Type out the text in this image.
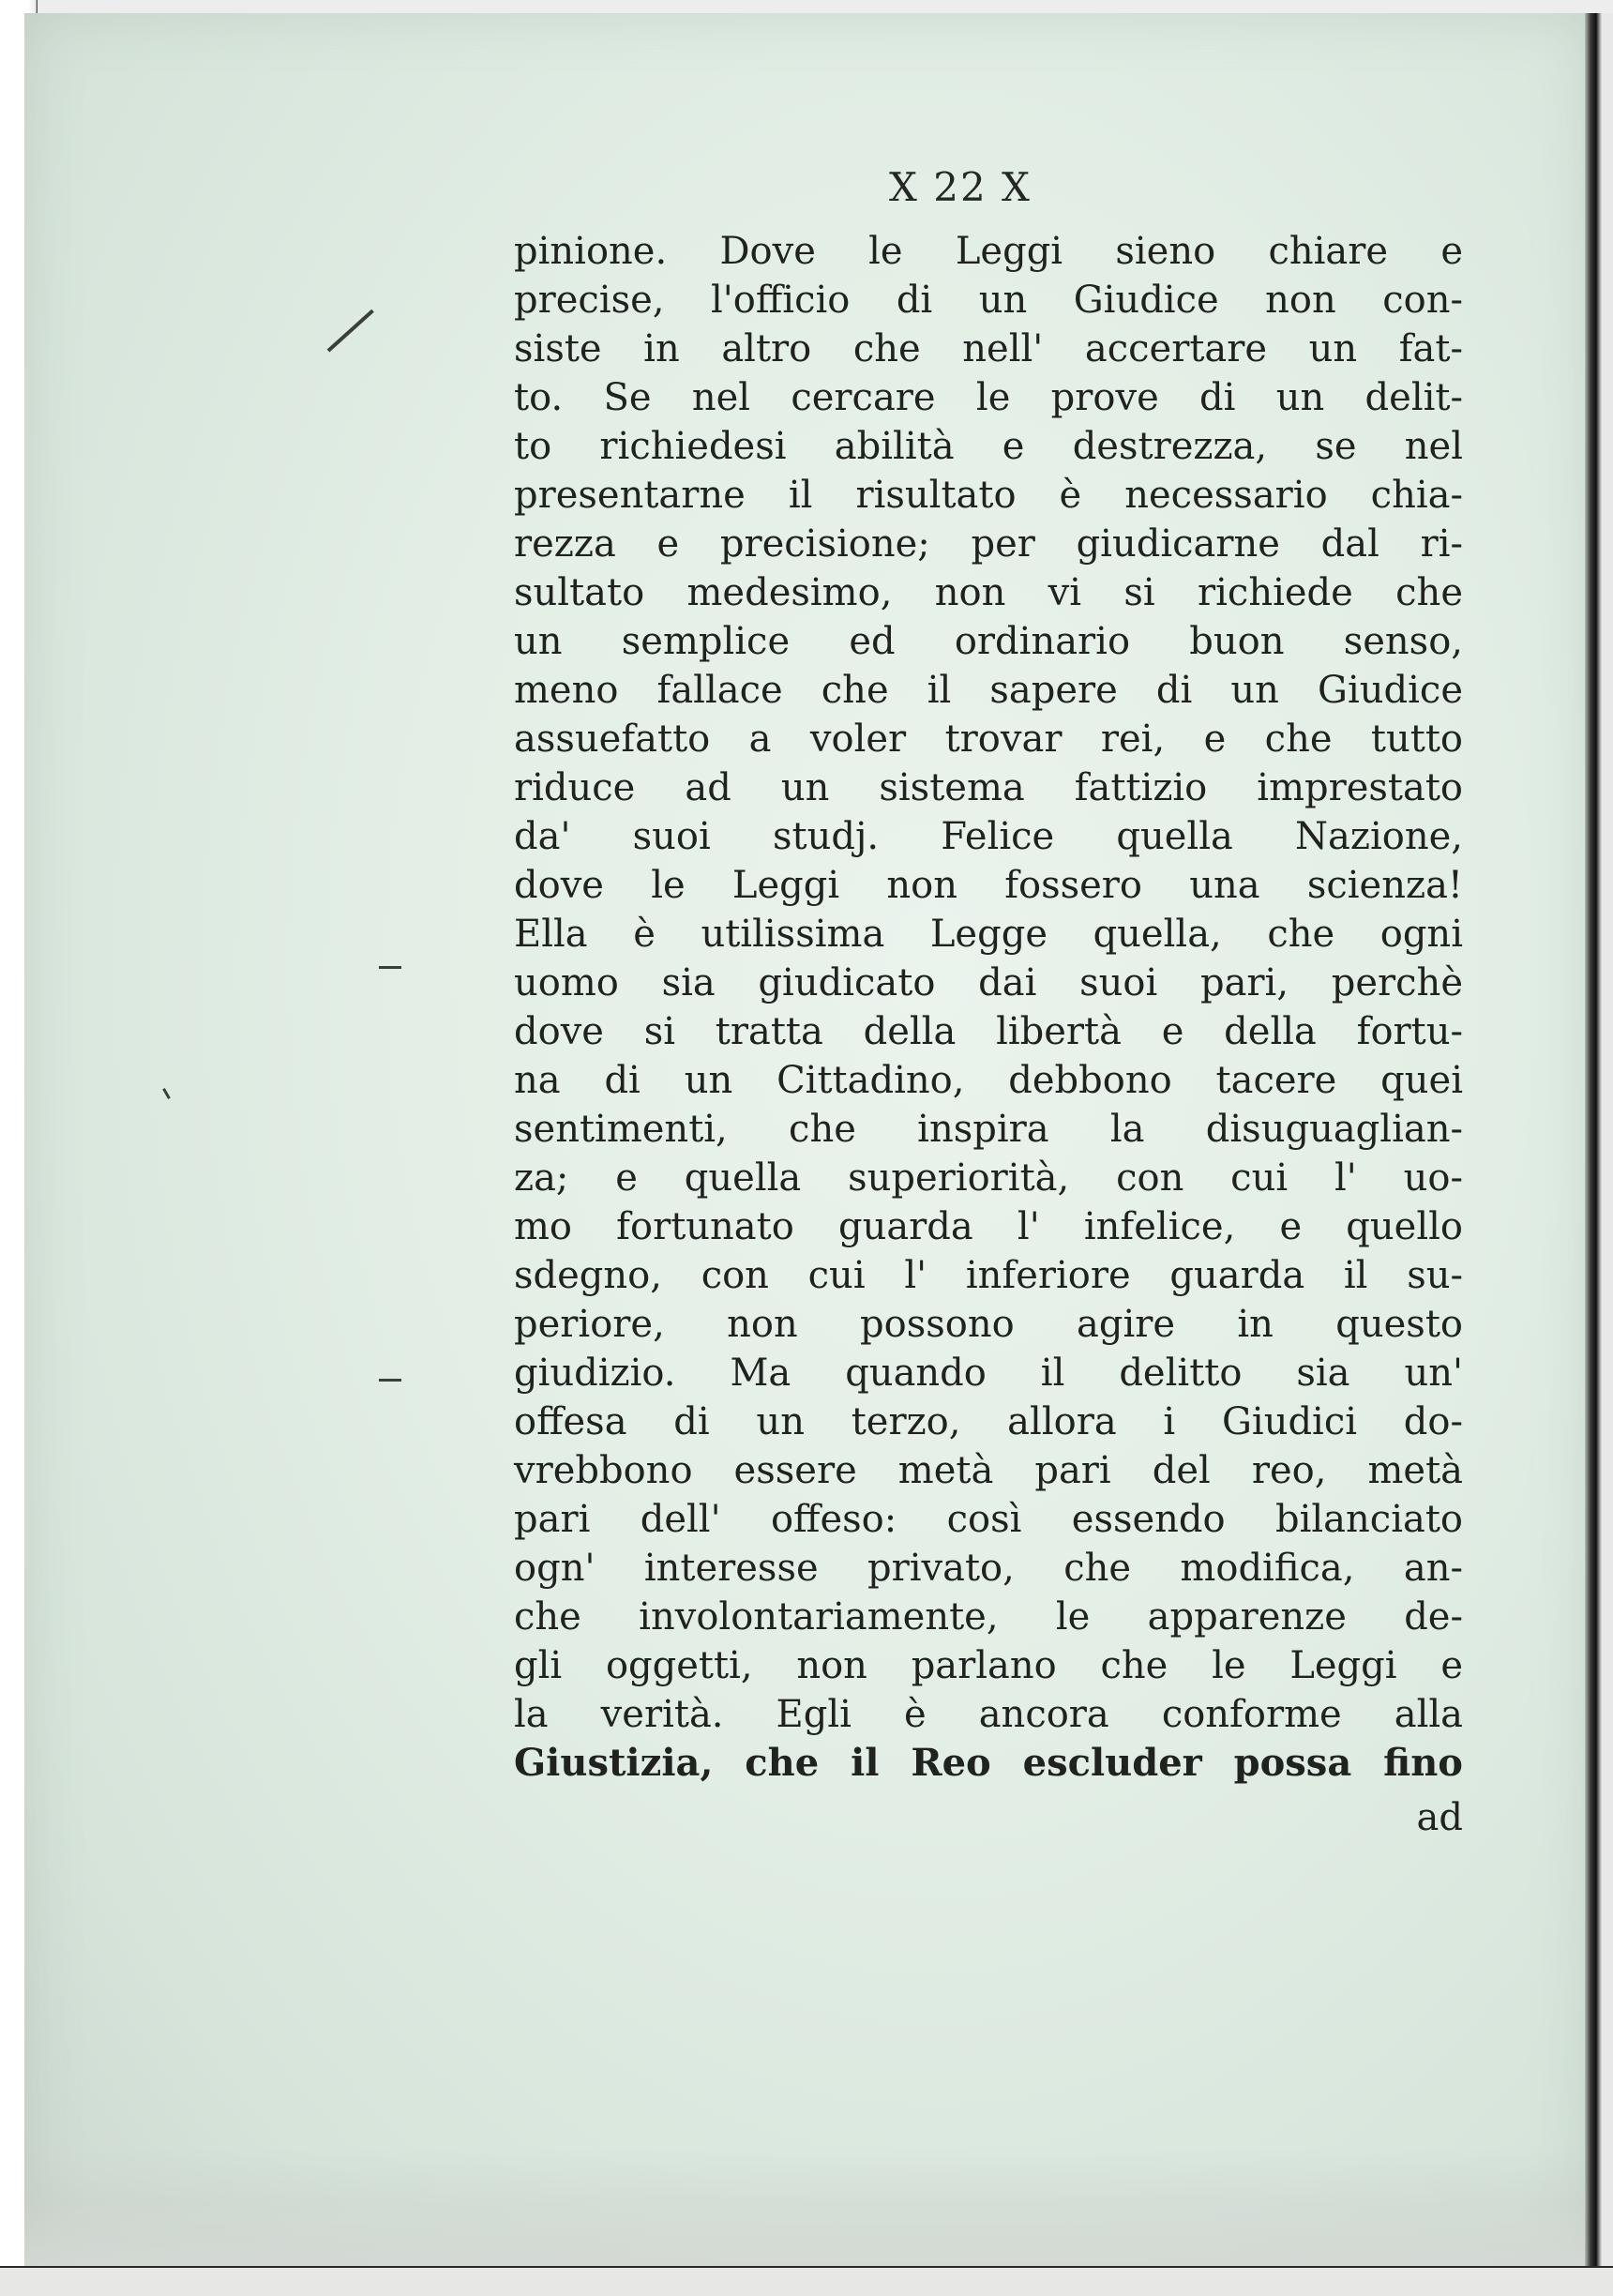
X 22 X
pinione. Dove le Leggi sieno chiare e
precise, l'officio di un Giudice non con-
siste in altro che nell' accertare un fat-
to. Se nel cercare le prove di un delit-
to richiedesi abilità e destrezza, se nel
presentarne il risultato è necessario chia-
rezza e precisione; per giudicarne dal ri-
sultato medesimo, non vi si richiede che
un semplice ed ordinario buon senso,
meno fallace che il sapere di un Giudice
assuefatto a voler trovar rei, e che tutto
riduce ad un sistema fattizio imprestato
da' suoi studj. Felice quella Nazione,
dove le Leggi non fossero una scienza!
Ella è utilissima Legge quella, che ogni
uomo sia giudicato dai suoi pari, perchè
dove si tratta della libertà e della fortu-
na di un Cittadino, debbono tacere quei
sentimenti, che inspira la disuguaglian-
za; e quella superiorità, con cui l' uo-
mo fortunato guarda l' infelice, e quello
sdegno, con cui l' inferiore guarda il su-
periore, non possono agire in questo
giudizio. Ma quando il delitto sia un'
offesa di un terzo, allora i Giudici do-
vrebbono essere metà pari del reo, metà
pari dell' offeso: così essendo bilanciato
ogn' interesse privato, che modifica, an-
che involontariamente, le apparenze de-
gli oggetti, non parlano che le Leggi e
la verità. Egli è ancora conforme alla
Giustizia, che il Reo escluder possa fino
ad
